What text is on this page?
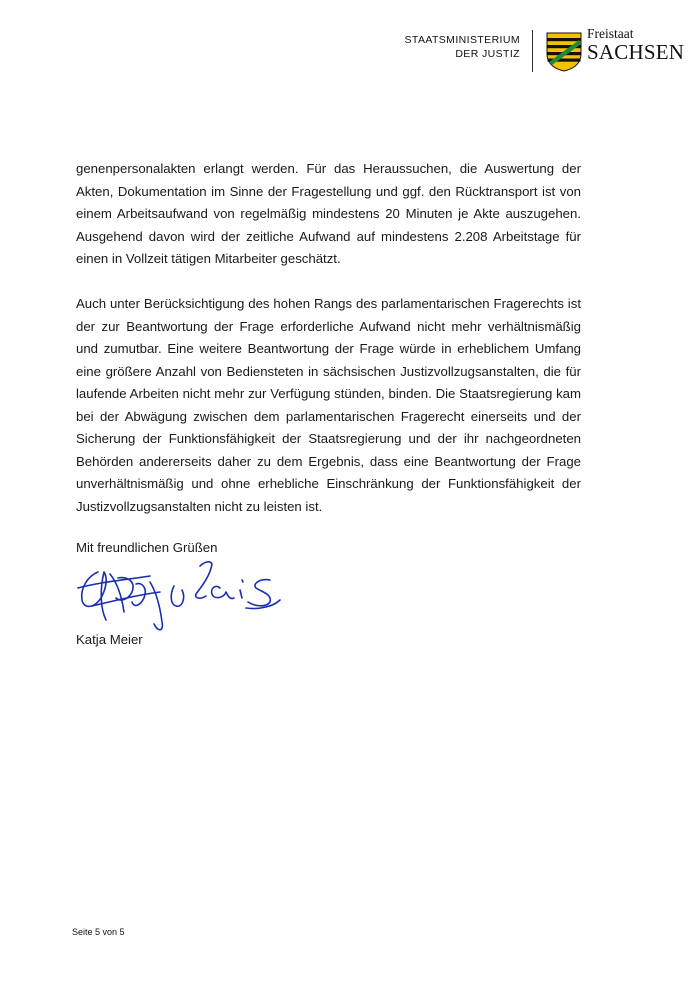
STAATSMINISTERIUM
DER JUSTIZ
Freistaat
SACHSEN

genenpersonalakten erlangt werden. Für das Heraussuchen, die Auswertung der Akten, Dokumentation im Sinne der Fragestellung und ggf. den Rücktransport ist von einem Arbeitsaufwand von regelmäßig mindestens 20 Minuten je Akte auszugehen. Ausgehend davon wird der zeitliche Aufwand auf mindestens 2.208 Arbeitstage für einen in Vollzeit tätigen Mitarbeiter geschätzt.

Auch unter Berücksichtigung des hohen Rangs des parlamentarischen Fragerechts ist der zur Beantwortung der Frage erforderliche Aufwand nicht mehr verhältnismäßig und zumutbar. Eine weitere Beantwortung der Frage würde in erheblichem Umfang eine größere Anzahl von Bediensteten in sächsischen Justizvollzugsanstalten, die für laufende Arbeiten nicht mehr zur Verfügung stünden, binden. Die Staatsregierung kam bei der Abwägung zwischen dem parlamentarischen Fragerecht einerseits und der Sicherung der Funktionsfähigkeit der Staatsregierung und der ihr nachgeordneten Behörden andererseits daher zu dem Ergebnis, dass eine Beantwortung der Frage unverhältnismäßig und ohne erhebliche Einschränkung der Funktionsfähigkeit der Justizvollzugsanstalten nicht zu leisten ist.

Mit freundlichen Grüßen
Katja Meier
Seite 5 von 5
